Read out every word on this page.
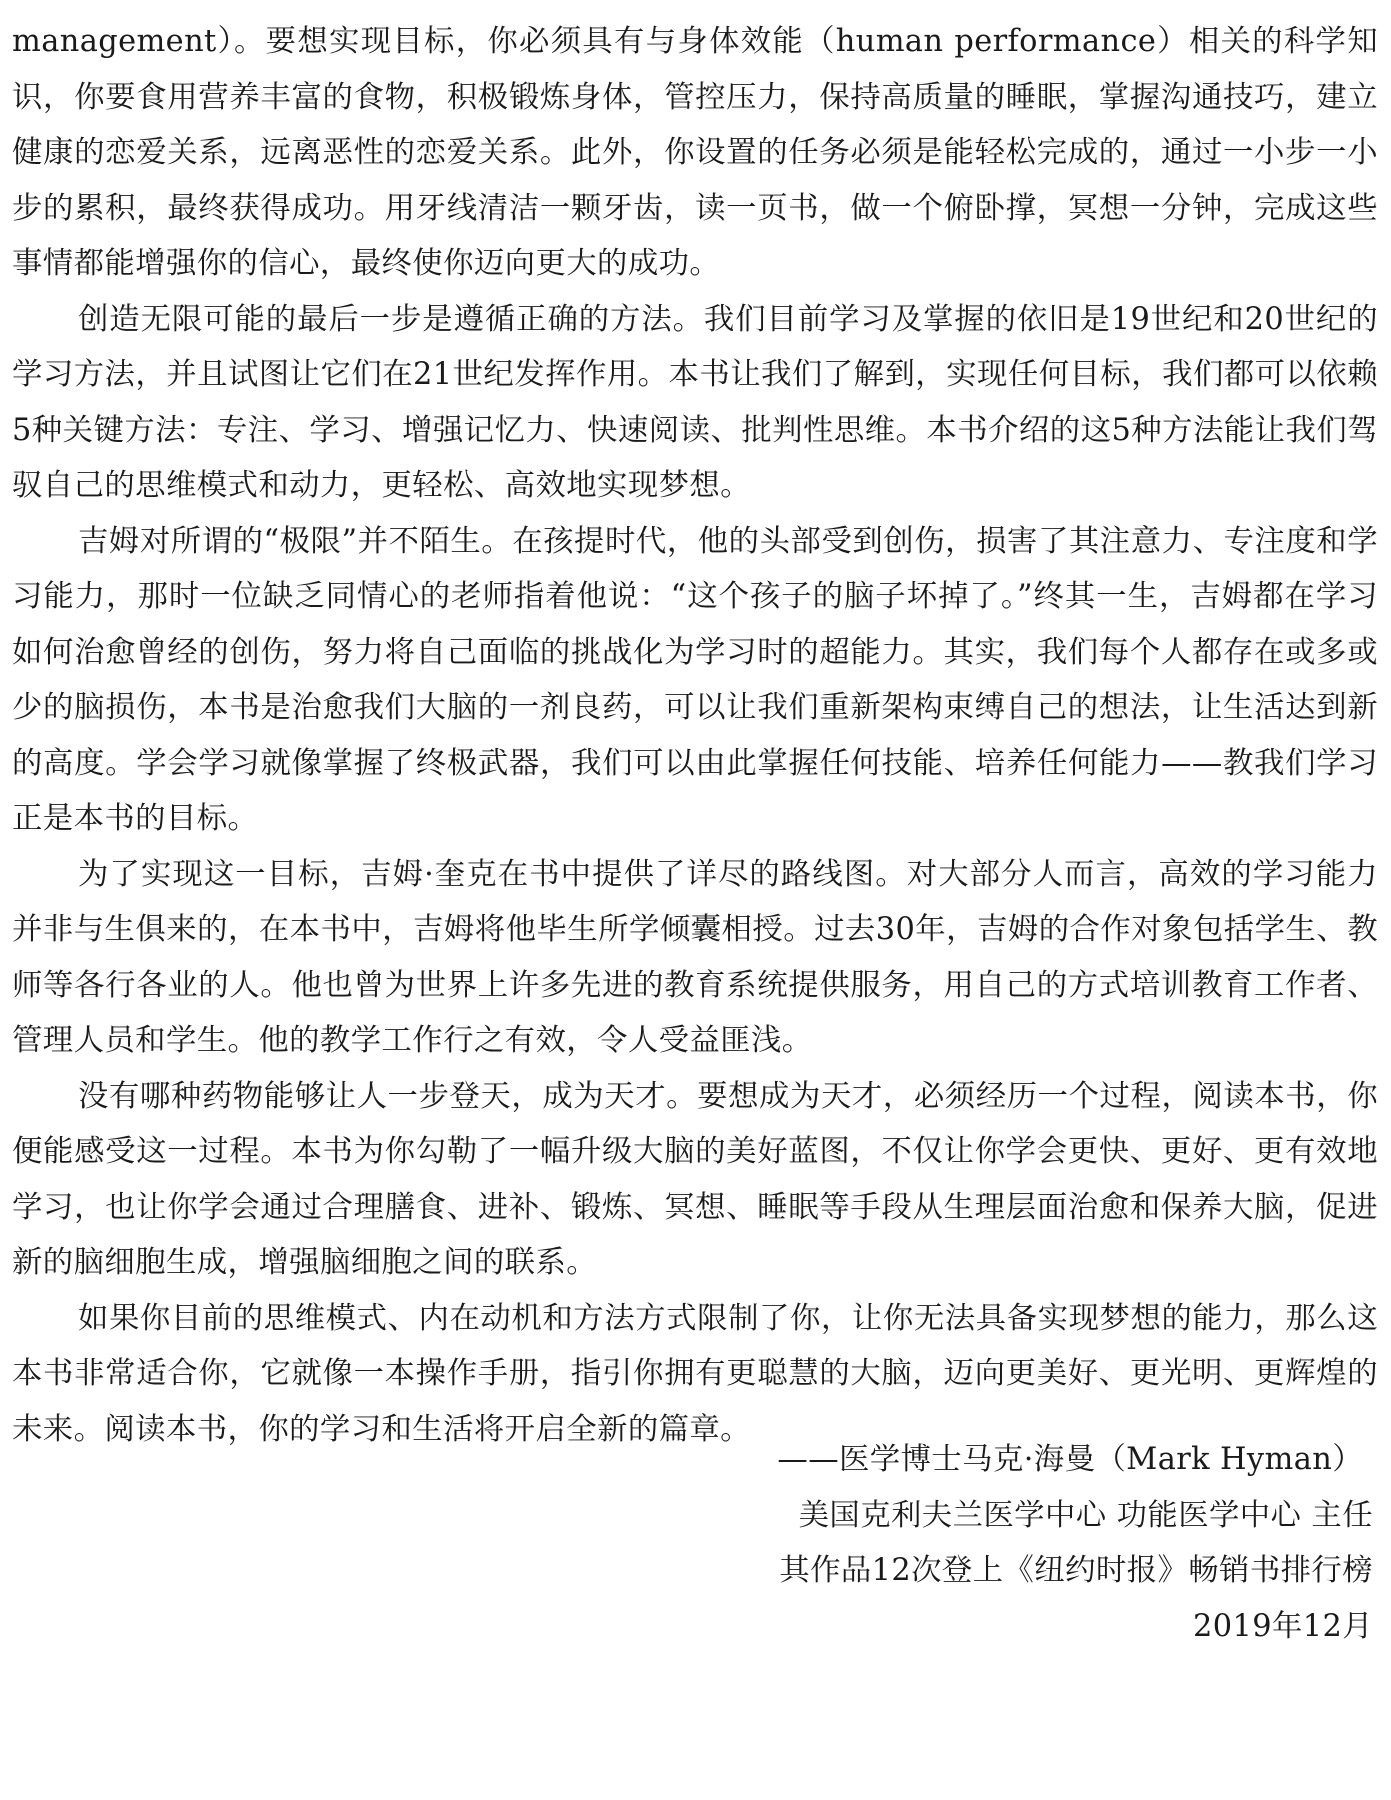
management）。要想实现目标，你必须具有与身体效能（human performance）相关的科学知识，你要食用营养丰富的食物，积极锻炼身体，管控压力，保持高质量的睡眠，掌握沟通技巧，建立健康的恋爱关系，远离恶性的恋爱关系。此外，你设置的任务必须是能轻松完成的，通过一小步一小步的累积，最终获得成功。用牙线清洁一颗牙齿，读一页书，做一个俯卧撑，冥想一分钟，完成这些事情都能增强你的信心，最终使你迈向更大的成功。

创造无限可能的最后一步是遵循正确的方法。我们目前学习及掌握的依旧是19世纪和20世纪的学习方法，并且试图让它们在21世纪发挥作用。本书让我们了解到，实现任何目标，我们都可以依赖5种关键方法：专注、学习、增强记忆力、快速阅读、批判性思维。本书介绍的这5种方法能让我们驾驭自己的思维模式和动力，更轻松、高效地实现梦想。

吉姆对所谓的“极限”并不陌生。在孩提时代，他的头部受到创伤，损害了其注意力、专注度和学习能力，那时一位缺乏同情心的老师指着他说：“这个孩子的脑子坏掉了。”终其一生，吉姆都在学习如何治愈曾经的创伤，努力将自己面临的挑战化为学习时的超能力。其实，我们每个人都存在或多或少的脑损伤，本书是治愈我们大脑的一剂良药，可以让我们重新架构束缚自己的想法，让生活达到新的高度。学会学习就像掌握了终极武器，我们可以由此掌握任何技能、培养任何能力——教我们学习正是本书的目标。

为了实现这一目标，吉姆·奎克在书中提供了详尽的路线图。对大部分人而言，高效的学习能力并非与生俱来的，在本书中，吉姆将他毕生所学倾囊相授。过去30年，吉姆的合作对象包括学生、教师等各行各业的人。他也曾为世界上许多先进的教育系统提供服务，用自己的方式培训教育工作者、管理人员和学生。他的教学工作行之有效，令人受益匪浅。

没有哪种药物能够让人一步登天，成为天才。要想成为天才，必须经历一个过程，阅读本书，你便能感受这一过程。本书为你勾勒了一幅升级大脑的美好蓝图，不仅让你学会更快、更好、更有效地学习，也让你学会通过合理膳食、进补、锻炼、冥想、睡眠等手段从生理层面治愈和保养大脑，促进新的脑细胞生成，增强脑细胞之间的联系。

如果你目前的思维模式、内在动机和方法方式限制了你，让你无法具备实现梦想的能力，那么这本书非常适合你，它就像一本操作手册，指引你拥有更聪慧的大脑，迈向更美好、更光明、更辉煌的未来。阅读本书，你的学习和生活将开启全新的篇章。

——医学博士马克·海曼（Mark Hyman）
美国克利夫兰医学中心 功能医学中心 主任
其作品12次登上《纽约时报》畅销书排行榜
2019年12月
